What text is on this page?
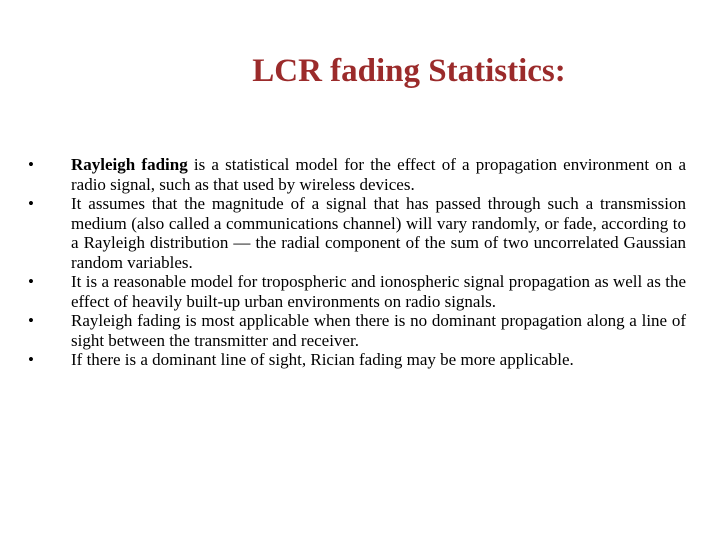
LCR fading Statistics:
• Rayleigh fading is a statistical model for the effect of a propagation environment on a radio signal, such as that used by wireless devices.
• It assumes that the magnitude of a signal that has passed through such a transmission medium (also called a communications channel) will vary randomly, or fade, according to a Rayleigh distribution — the radial component of the sum of two uncorrelated Gaussian random variables.
• It is a reasonable model for tropospheric and ionospheric signal propagation as well as the effect of heavily built-up urban environments on radio signals.
• Rayleigh fading is most applicable when there is no dominant propagation along a line of sight between the transmitter and receiver.
• If there is a dominant line of sight, Rician fading may be more applicable.
